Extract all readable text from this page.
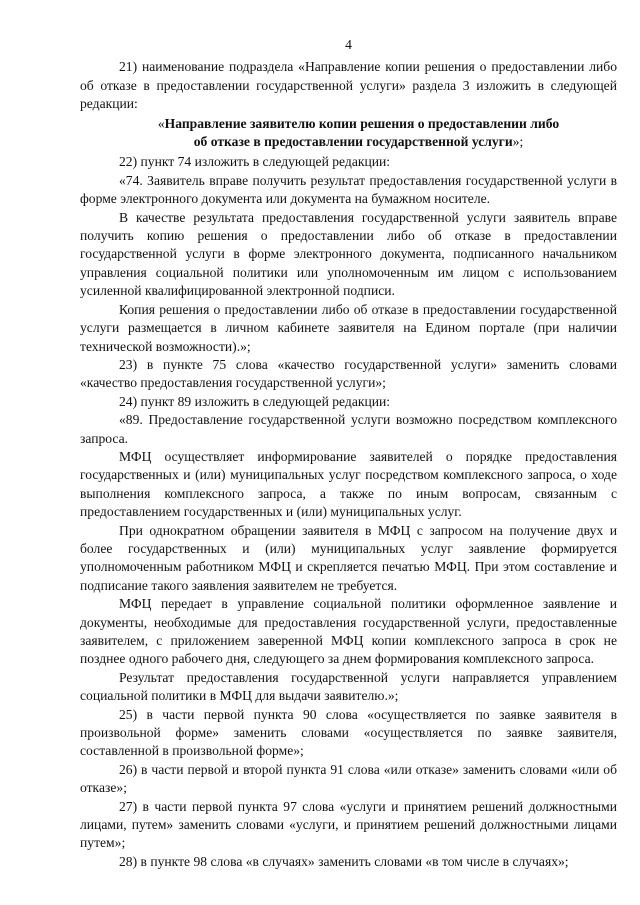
4

21) наименование подраздела «Направление копии решения о предоставлении либо об отказе в предоставлении государственной услуги» раздела 3 изложить в следующей редакции:

«Направление заявителю копии решения о предоставлении либо
об отказе в предоставлении государственной услуги»;

22) пункт 74 изложить в следующей редакции:

«74. Заявитель вправе получить результат предоставления государственной услуги в форме электронного документа или документа на бумажном носителе.

В качестве результата предоставления государственной услуги заявитель вправе получить копию решения о предоставлении либо об отказе в предоставлении государственной услуги в форме электронного документа, подписанного начальником управления социальной политики или уполномоченным им лицом с использованием усиленной квалифицированной электронной подписи.

Копия решения о предоставлении либо об отказе в предоставлении государственной услуги размещается в личном кабинете заявителя на Едином портале (при наличии технической возможности).»;

23) в пункте 75 слова «качество государственной услуги» заменить словами «качество предоставления государственной услуги»;

24) пункт 89 изложить в следующей редакции:

«89. Предоставление государственной услуги возможно посредством комплексного запроса.

МФЦ осуществляет информирование заявителей о порядке предоставления государственных и (или) муниципальных услуг посредством комплексного запроса, о ходе выполнения комплексного запроса, а также по иным вопросам, связанным с предоставлением государственных и (или) муниципальных услуг.

При однократном обращении заявителя в МФЦ с запросом на получение двух и более государственных и (или) муниципальных услуг заявление формируется уполномоченным работником МФЦ и скрепляется печатью МФЦ. При этом составление и подписание такого заявления заявителем не требуется.

МФЦ передает в управление социальной политики оформленное заявление и документы, необходимые для предоставления государственной услуги, предоставленные заявителем, с приложением заверенной МФЦ копии комплексного запроса в срок не позднее одного рабочего дня, следующего за днем формирования комплексного запроса.

Результат предоставления государственной услуги направляется управлением социальной политики в МФЦ для выдачи заявителю.»;

25) в части первой пункта 90 слова «осуществляется по заявке заявителя в произвольной форме» заменить словами «осуществляется по заявке заявителя, составленной в произвольной форме»;

26) в части первой и второй пункта 91 слова «или отказе» заменить словами «или об отказе»;

27) в части первой пункта 97 слова «услуги и принятием решений должностными лицами, путем» заменить словами «услуги, и принятием решений должностными лицами путем»;

28) в пункте 98 слова «в случаях» заменить словами «в том числе в случаях»;
